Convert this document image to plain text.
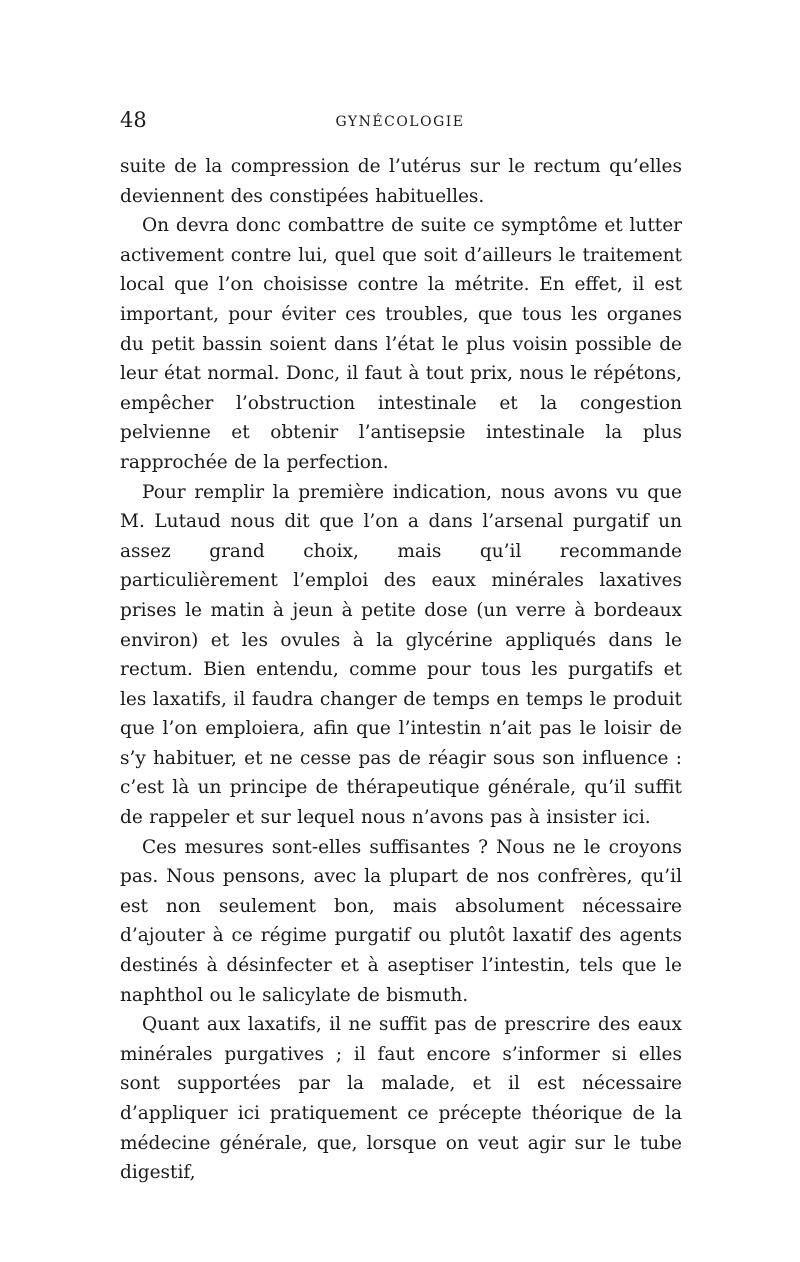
48	GYNÉCOLOGIE

suite de la compression de l’utérus sur le rectum qu’elles deviennent des constipées habituelles.

On devra donc combattre de suite ce symptôme et lutter activement contre lui, quel que soit d’ailleurs le traitement local que l’on choisisse contre la métrite. En effet, il est important, pour éviter ces troubles, que tous les organes du petit bassin soient dans l’état le plus voisin possible de leur état normal. Donc, il faut à tout prix, nous le répétons, empêcher l’obstruction intestinale et la congestion pelvienne et obtenir l’antisepsie intestinale la plus rapprochée de la perfection.

Pour remplir la première indication, nous avons vu que M. Lutaud nous dit que l’on a dans l’arsenal purgatif un assez grand choix, mais qu’il recommande particulièrement l’emploi des eaux minérales laxatives prises le matin à jeun à petite dose (un verre à bordeaux environ) et les ovules à la glycérine appliqués dans le rectum. Bien entendu, comme pour tous les purgatifs et les laxatifs, il faudra changer de temps en temps le produit que l’on emploiera, afin que l’intestin n’ait pas le loisir de s’y habituer, et ne cesse pas de réagir sous son influence : c’est là un principe de thérapeutique générale, qu’il suffit de rappeler et sur lequel nous n’avons pas à insister ici.

Ces mesures sont-elles suffisantes ? Nous ne le croyons pas. Nous pensons, avec la plupart de nos confrères, qu’il est non seulement bon, mais absolument nécessaire d’ajouter à ce régime purgatif ou plutôt laxatif des agents destinés à désinfecter et à aseptiser l’intestin, tels que le naphthol ou le salicylate de bismuth.

Quant aux laxatifs, il ne suffit pas de prescrire des eaux minérales purgatives ; il faut encore s’informer si elles sont supportées par la malade, et il est nécessaire d’appliquer ici pratiquement ce précepte théorique de la médecine générale, que, lorsque on veut agir sur le tube digestif,
